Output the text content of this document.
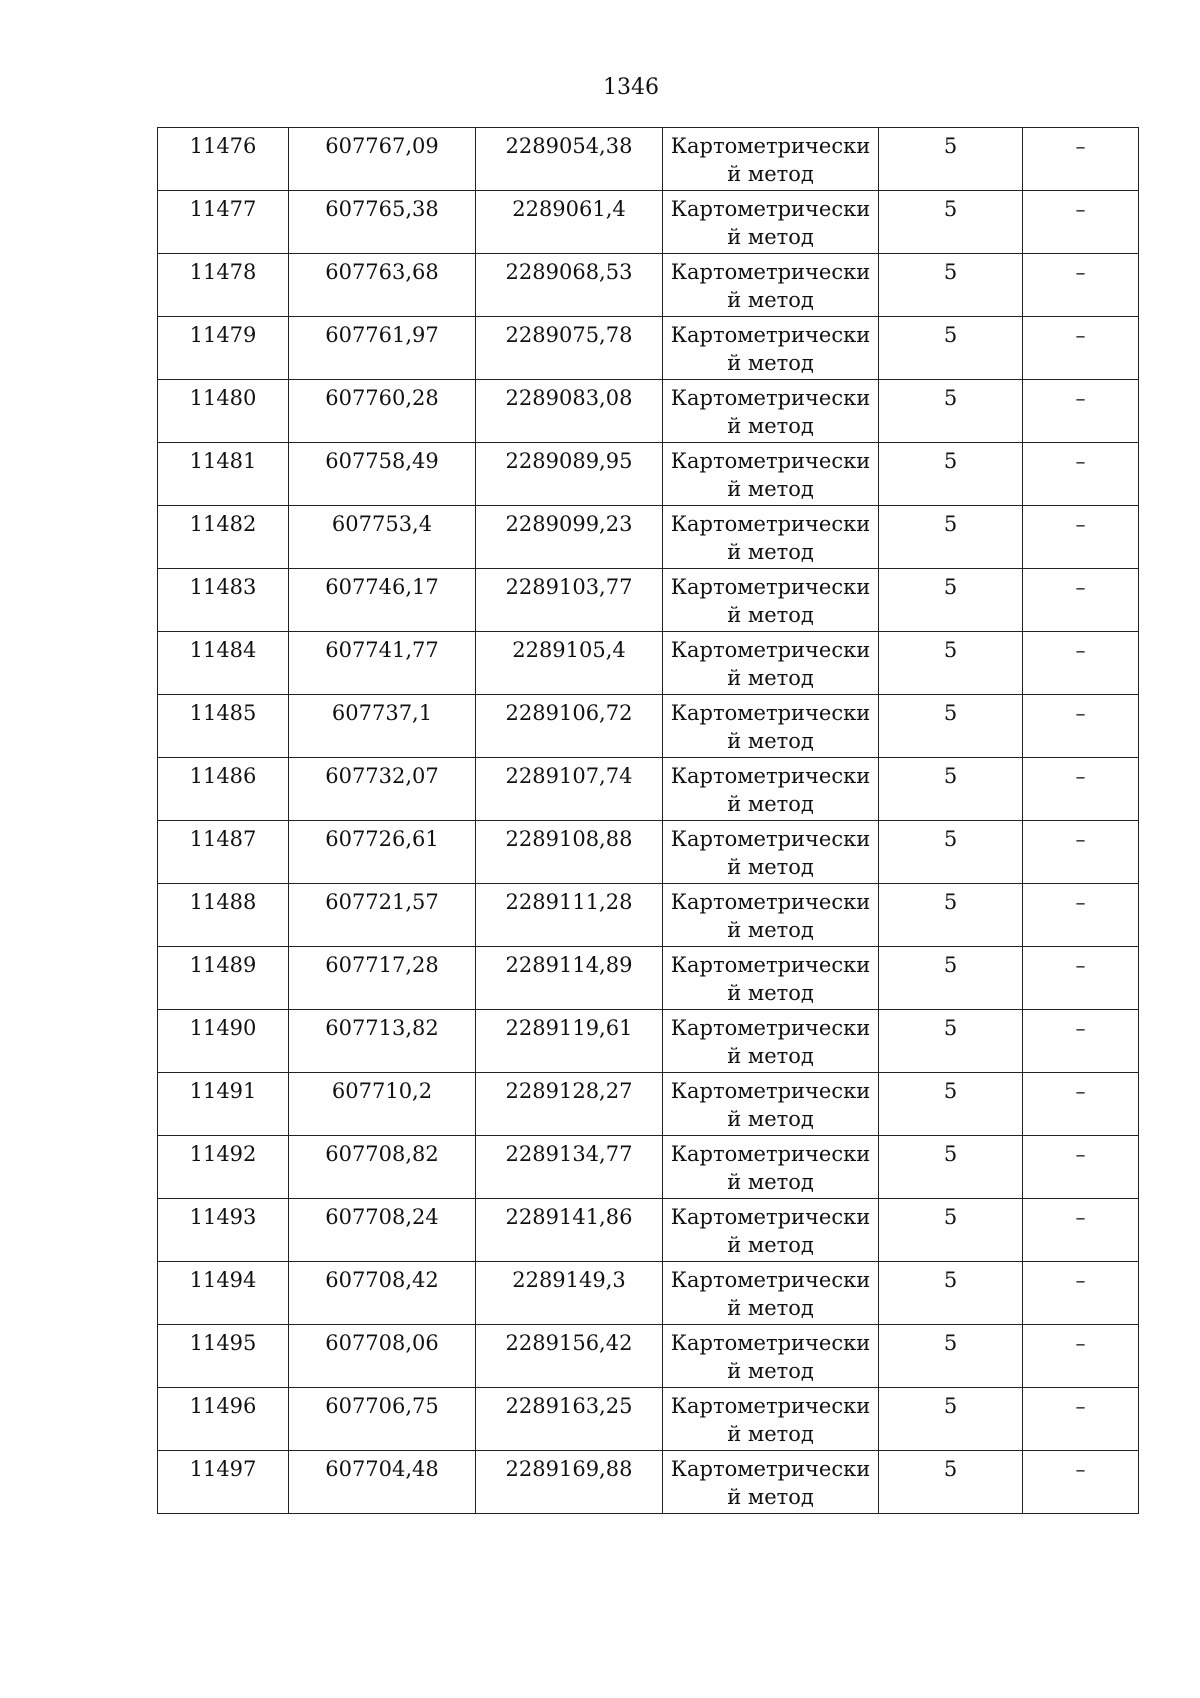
1346
11476	607767,09	2289054,38	Картометрически й метод	5	–
11477	607765,38	2289061,4	Картометрически й метод	5	–
11478	607763,68	2289068,53	Картометрически й метод	5	–
11479	607761,97	2289075,78	Картометрически й метод	5	–
11480	607760,28	2289083,08	Картометрически й метод	5	–
11481	607758,49	2289089,95	Картометрически й метод	5	–
11482	607753,4	2289099,23	Картометрически й метод	5	–
11483	607746,17	2289103,77	Картометрически й метод	5	–
11484	607741,77	2289105,4	Картометрически й метод	5	–
11485	607737,1	2289106,72	Картометрически й метод	5	–
11486	607732,07	2289107,74	Картометрически й метод	5	–
11487	607726,61	2289108,88	Картометрически й метод	5	–
11488	607721,57	2289111,28	Картометрически й метод	5	–
11489	607717,28	2289114,89	Картометрически й метод	5	–
11490	607713,82	2289119,61	Картометрически й метод	5	–
11491	607710,2	2289128,27	Картометрически й метод	5	–
11492	607708,82	2289134,77	Картометрически й метод	5	–
11493	607708,24	2289141,86	Картометрически й метод	5	–
11494	607708,42	2289149,3	Картометрически й метод	5	–
11495	607708,06	2289156,42	Картометрически й метод	5	–
11496	607706,75	2289163,25	Картометрически й метод	5	–
11497	607704,48	2289169,88	Картометрически й метод	5	–
